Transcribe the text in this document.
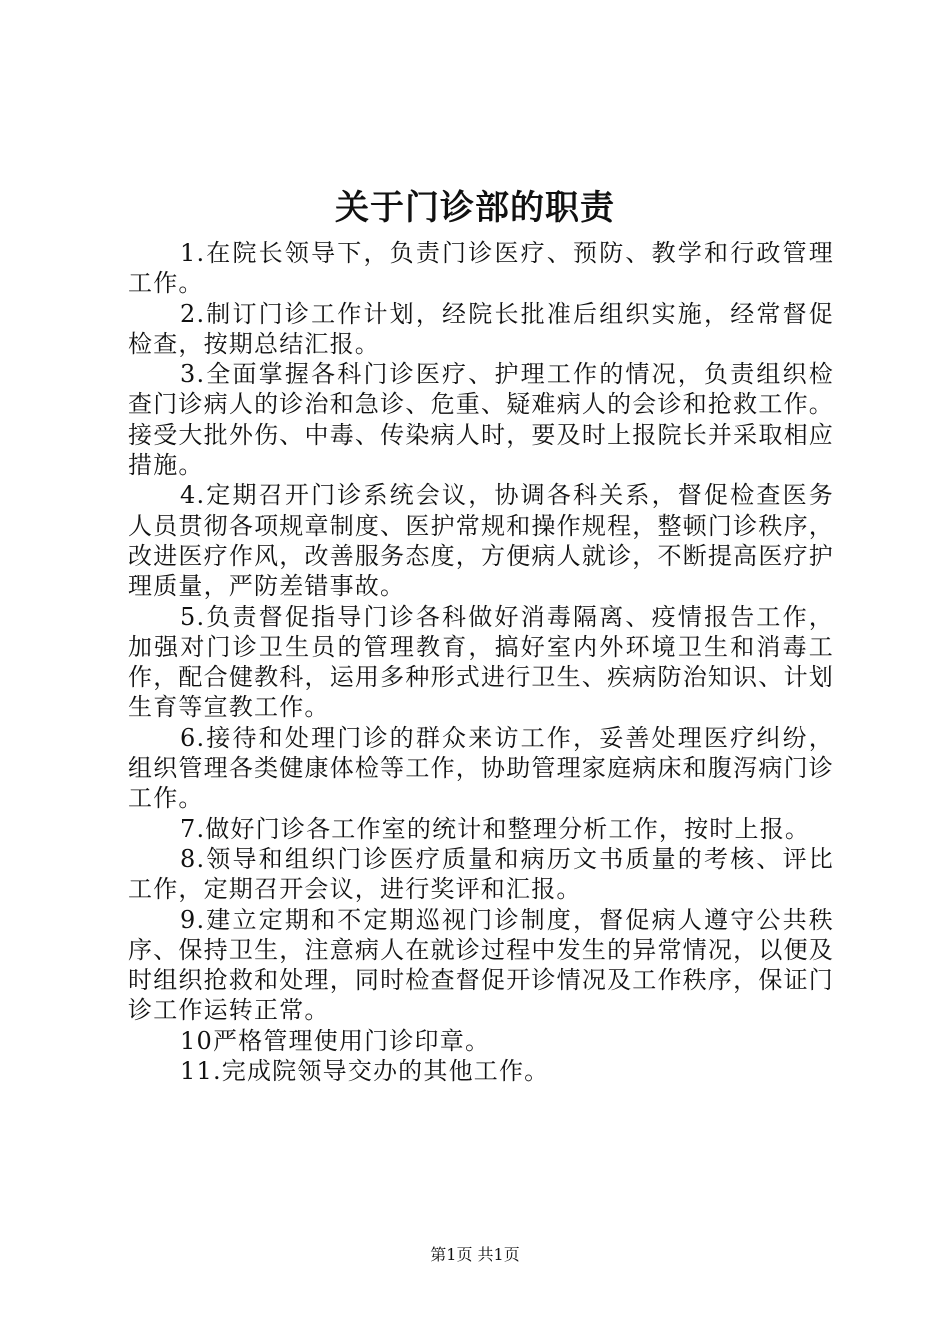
关于门诊部的职责

1.在院长领导下，负责门诊医疗、预防、教学和行政管理工作。

2.制订门诊工作计划，经院长批准后组织实施，经常督促检查，按期总结汇报。

3.全面掌握各科门诊医疗、护理工作的情况，负责组织检查门诊病人的诊治和急诊、危重、疑难病人的会诊和抢救工作。接受大批外伤、中毒、传染病人时，要及时上报院长并采取相应措施。

4.定期召开门诊系统会议，协调各科关系，督促检查医务人员贯彻各项规章制度、医护常规和操作规程，整顿门诊秩序，改进医疗作风，改善服务态度，方便病人就诊，不断提高医疗护理质量，严防差错事故。

5.负责督促指导门诊各科做好消毒隔离、疫情报告工作，加强对门诊卫生员的管理教育，搞好室内外环境卫生和消毒工作，配合健教科，运用多种形式进行卫生、疾病防治知识、计划生育等宣教工作。

6.接待和处理门诊的群众来访工作，妥善处理医疗纠纷，组织管理各类健康体检等工作，协助管理家庭病床和腹泻病门诊工作。

7.做好门诊各工作室的统计和整理分析工作，按时上报。

8.领导和组织门诊医疗质量和病历文书质量的考核、评比工作，定期召开会议，进行奖评和汇报。

9.建立定期和不定期巡视门诊制度，督促病人遵守公共秩序、保持卫生，注意病人在就诊过程中发生的异常情况，以便及时组织抢救和处理，同时检查督促开诊情况及工作秩序，保证门诊工作运转正常。

10严格管理使用门诊印章。

11.完成院领导交办的其他工作。

第1页 共1页
